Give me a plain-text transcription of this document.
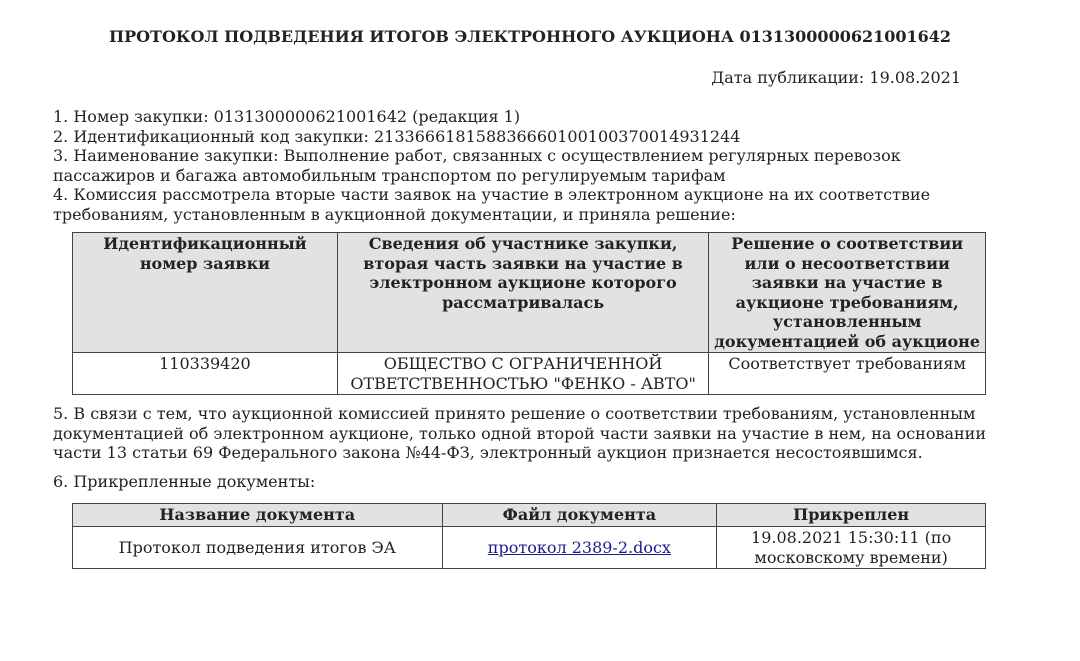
ПРОТОКОЛ ПОДВЕДЕНИЯ ИТОГОВ ЭЛЕКТРОННОГО АУКЦИОНА 0131300000621001642
Дата публикации: 19.08.2021

1. Номер закупки: 0131300000621001642 (редакция 1)

2. Идентификационный код закупки: 213366618158836660100100370014931244

3. Наименование закупки: Выполнение работ, связанных с осуществлением регулярных перевозок пассажиров и багажа автомобильным транспортом по регулируемым тарифам

4. Комиссия рассмотрела вторые части заявок на участие в электронном аукционе на их соответствие требованиям, установленным в аукционной документации, и приняла решение:

Идентификационный номер заявки	Сведения об участнике закупки, вторая часть заявки на участие в электронном аукционе которого рассматривалась	Решение о соответствии или о несоответствии заявки на участие в аукционе требованиям, установленным документацией об аукционе
110339420	ОБЩЕСТВО С ОГРАНИЧЕННОЙ ОТВЕТСТВЕННОСТЬЮ "ФЕНКО - АВТО"	Соответствует требованиям
5. В связи с тем, что аукционной комиссией принято решение о соответствии требованиям, установленным документацией об электронном аукционе, только одной второй части заявки на участие в нем, на основании части 13 статьи 69 Федерального закона №44-ФЗ, электронный аукцион признается несостоявшимся.
6. Прикрепленные документы:
Название документа	Файл документа	Прикреплен
Протокол подведения итогов ЭА	протокол 2389-2.docx	19.08.2021 15:30:11 (по московскому времени)
